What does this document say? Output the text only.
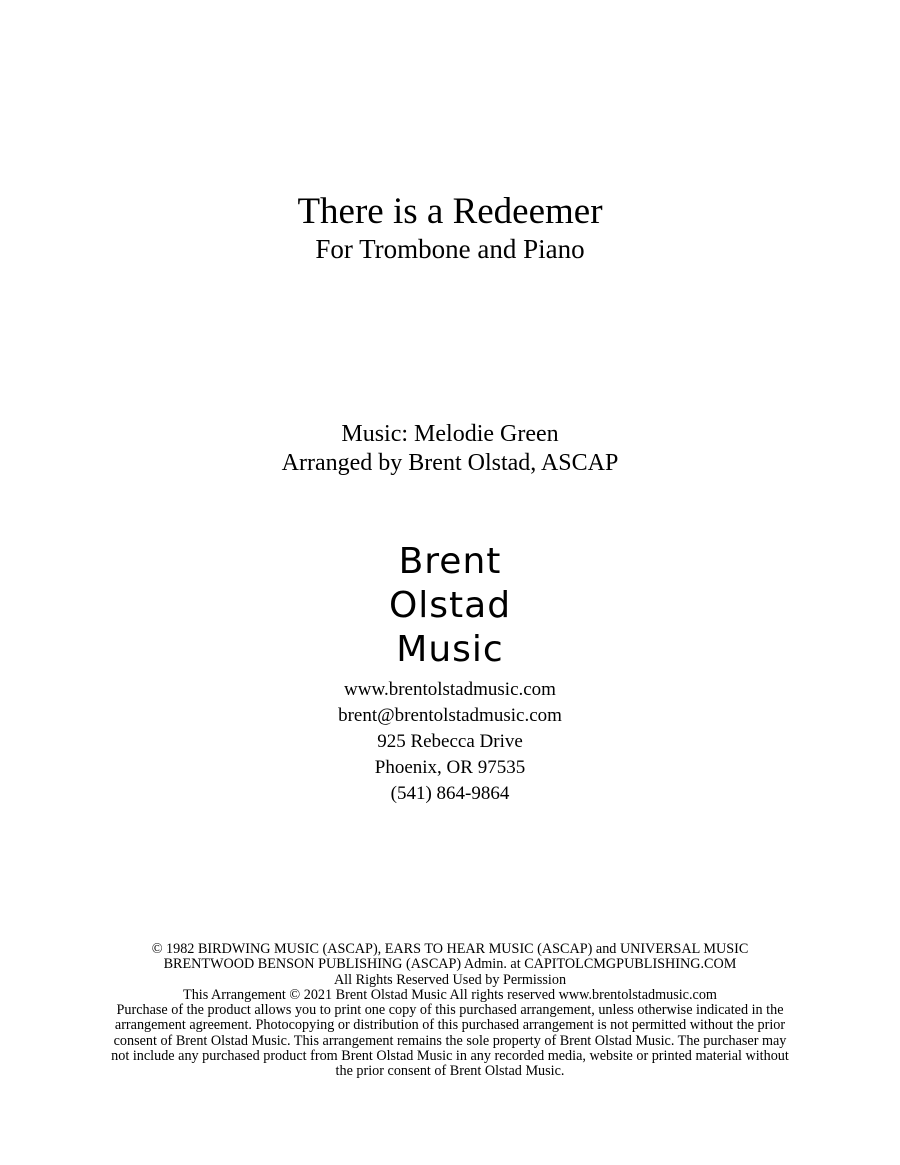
There is a Redeemer
For Trombone and Piano
Music: Melodie Green
Arranged by Brent Olstad, ASCAP
Brent
Olstad
Music
www.brentolstadmusic.com
brent@brentolstadmusic.com
925 Rebecca Drive
Phoenix, OR 97535
(541) 864-9864
© 1982 BIRDWING MUSIC (ASCAP), EARS TO HEAR MUSIC (ASCAP) and UNIVERSAL MUSIC
BRENTWOOD BENSON PUBLISHING (ASCAP) Admin. at CAPITOLCMGPUBLISHING.COM
All Rights Reserved Used by Permission
This Arrangement © 2021 Brent Olstad Music All rights reserved www.brentolstadmusic.com
Purchase of the product allows you to print one copy of this purchased arrangement, unless otherwise indicated in the
arrangement agreement. Photocopying or distribution of this purchased arrangement is not permitted without the prior
consent of Brent Olstad Music. This arrangement remains the sole property of Brent Olstad Music. The purchaser may
not include any purchased product from Brent Olstad Music in any recorded media, website or printed material without
the prior consent of Brent Olstad Music.
